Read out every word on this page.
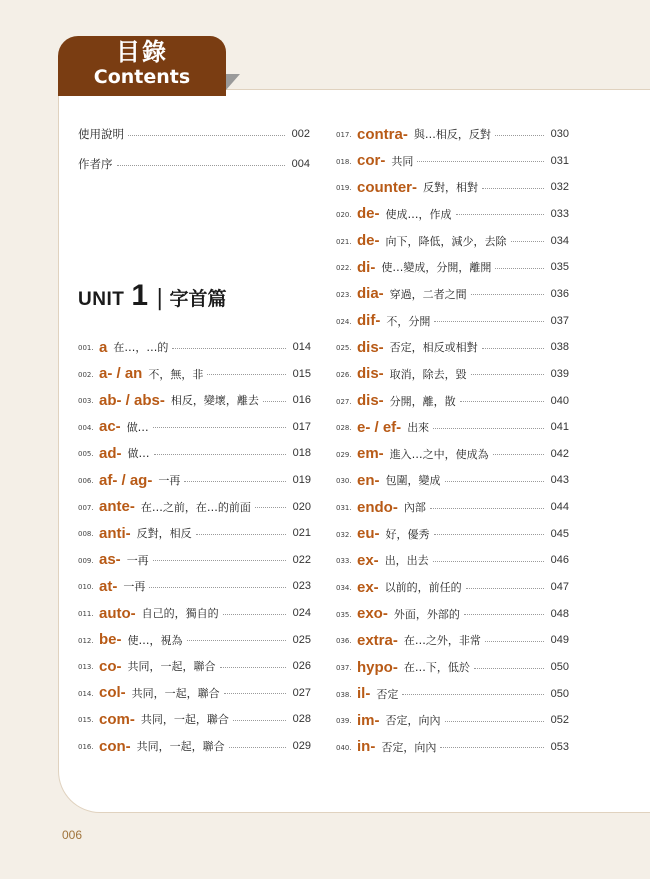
目錄
Contents
使用說明	002
作者序	004
UNIT 1 | 字首篇
001. a 在…，…的	014
002. a- / an 不，無，非	015
003. ab- / abs- 相反，變壞，離去	016
004. ac- 做…	017
005. ad- 做…	018
006. af- / ag- 一再	019
007. ante- 在…之前，在…的前面	020
008. anti- 反對，相反	021
009. as- 一再	022
010. at- 一再	023
011. auto- 自己的，獨自的	024
012. be- 使…，視為	025
013. co- 共同，一起，聯合	026
014. col- 共同，一起，聯合	027
015. com- 共同，一起，聯合	028
016. con- 共同，一起，聯合	029
017. contra- 與…相反，反對	030
018. cor- 共同	031
019. counter- 反對，相對	032
020. de- 使成…，作成	033
021. de- 向下，降低，減少，去除	034
022. di- 使…變成，分開，離開	035
023. dia- 穿過，二者之間	036
024. dif- 不，分開	037
025. dis- 否定，相反或相對	038
026. dis- 取消，除去，毀	039
027. dis- 分開，離，散	040
028. e- / ef- 出來	041
029. em- 進入…之中，使成為	042
030. en- 包圍，變成	043
031. endo- 內部	044
032. eu- 好，優秀	045
033. ex- 出，出去	046
034. ex- 以前的，前任的	047
035. exo- 外面，外部的	048
036. extra- 在…之外，非常	049
037. hypo- 在…下，低於	050
038. il- 否定	050
039. im- 否定，向內	052
040. in- 否定，向內	053
006
